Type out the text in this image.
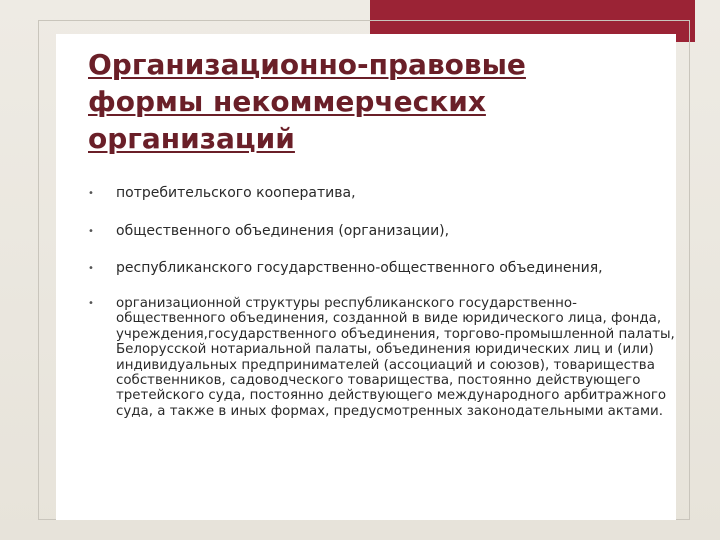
Организационно-правовые формы некоммерческих организаций
• потребительского кооператива,
• общественного объединения (организации),
• республиканского государственно-общественного объединения,
• организационной структуры республиканского государственно-общественного объединения, созданной в виде юридического лица, фонда, учреждения,государственного объединения, торгово-промышленной палаты, Белорусской нотариальной палаты, объединения юридических лиц и (или) индивидуальных предпринимателей (ассоциаций и союзов), товарищества собственников, садоводческого товарищества, постоянно действующего третейского суда, постоянно действующего международного арбитражного суда, а также в иных формах, предусмотренных законодательными актами.
